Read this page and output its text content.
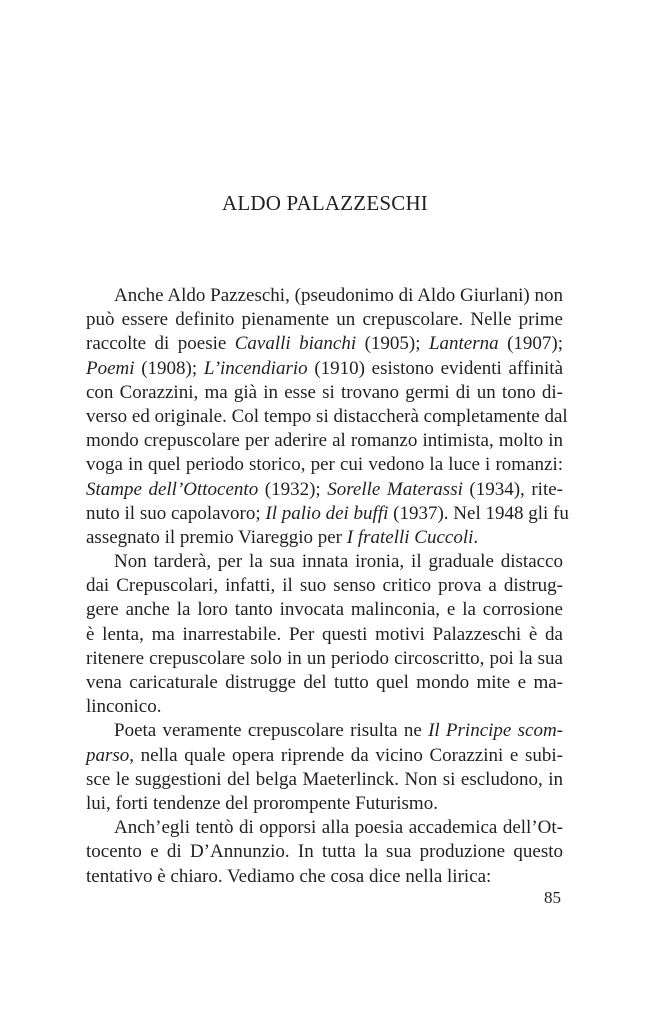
ALDO PALAZZESCHI
Anche Aldo Pazzeschi, (pseudonimo di Aldo Giurlani) non
può essere definito pienamente un crepuscolare. Nelle prime
raccolte di poesie Cavalli bianchi (1905); Lanterna (1907);
Poemi (1908); L’incendiario (1910) esistono evidenti affinità
con Corazzini, ma già in esse si trovano germi di un tono di-
verso ed originale. Col tempo si distaccherà completamente dal
mondo crepuscolare per aderire al romanzo intimista, molto in
voga in quel periodo storico, per cui vedono la luce i romanzi:
Stampe dell’Ottocento (1932); Sorelle Materassi (1934), rite-
nuto il suo capolavoro; Il palio dei buffi (1937). Nel 1948 gli fu
assegnato il premio Viareggio per I fratelli Cuccoli.
Non tarderà, per la sua innata ironia, il graduale distacco
dai Crepuscolari, infatti, il suo senso critico prova a distrug-
gere anche la loro tanto invocata malinconia, e la corrosione
è lenta, ma inarrestabile. Per questi motivi Palazzeschi è da
ritenere crepuscolare solo in un periodo circoscritto, poi la sua
vena caricaturale distrugge del tutto quel mondo mite e ma-
linconico.
Poeta veramente crepuscolare risulta ne Il Principe scom-
parso, nella quale opera riprende da vicino Corazzini e subi-
sce le suggestioni del belga Maeterlinck. Non si escludono, in
lui, forti tendenze del prorompente Futurismo.
Anch’egli tentò di opporsi alla poesia accademica dell’Ot-
tocento e di D’Annunzio. In tutta la sua produzione questo
tentativo è chiaro. Vediamo che cosa dice nella lirica:
85
